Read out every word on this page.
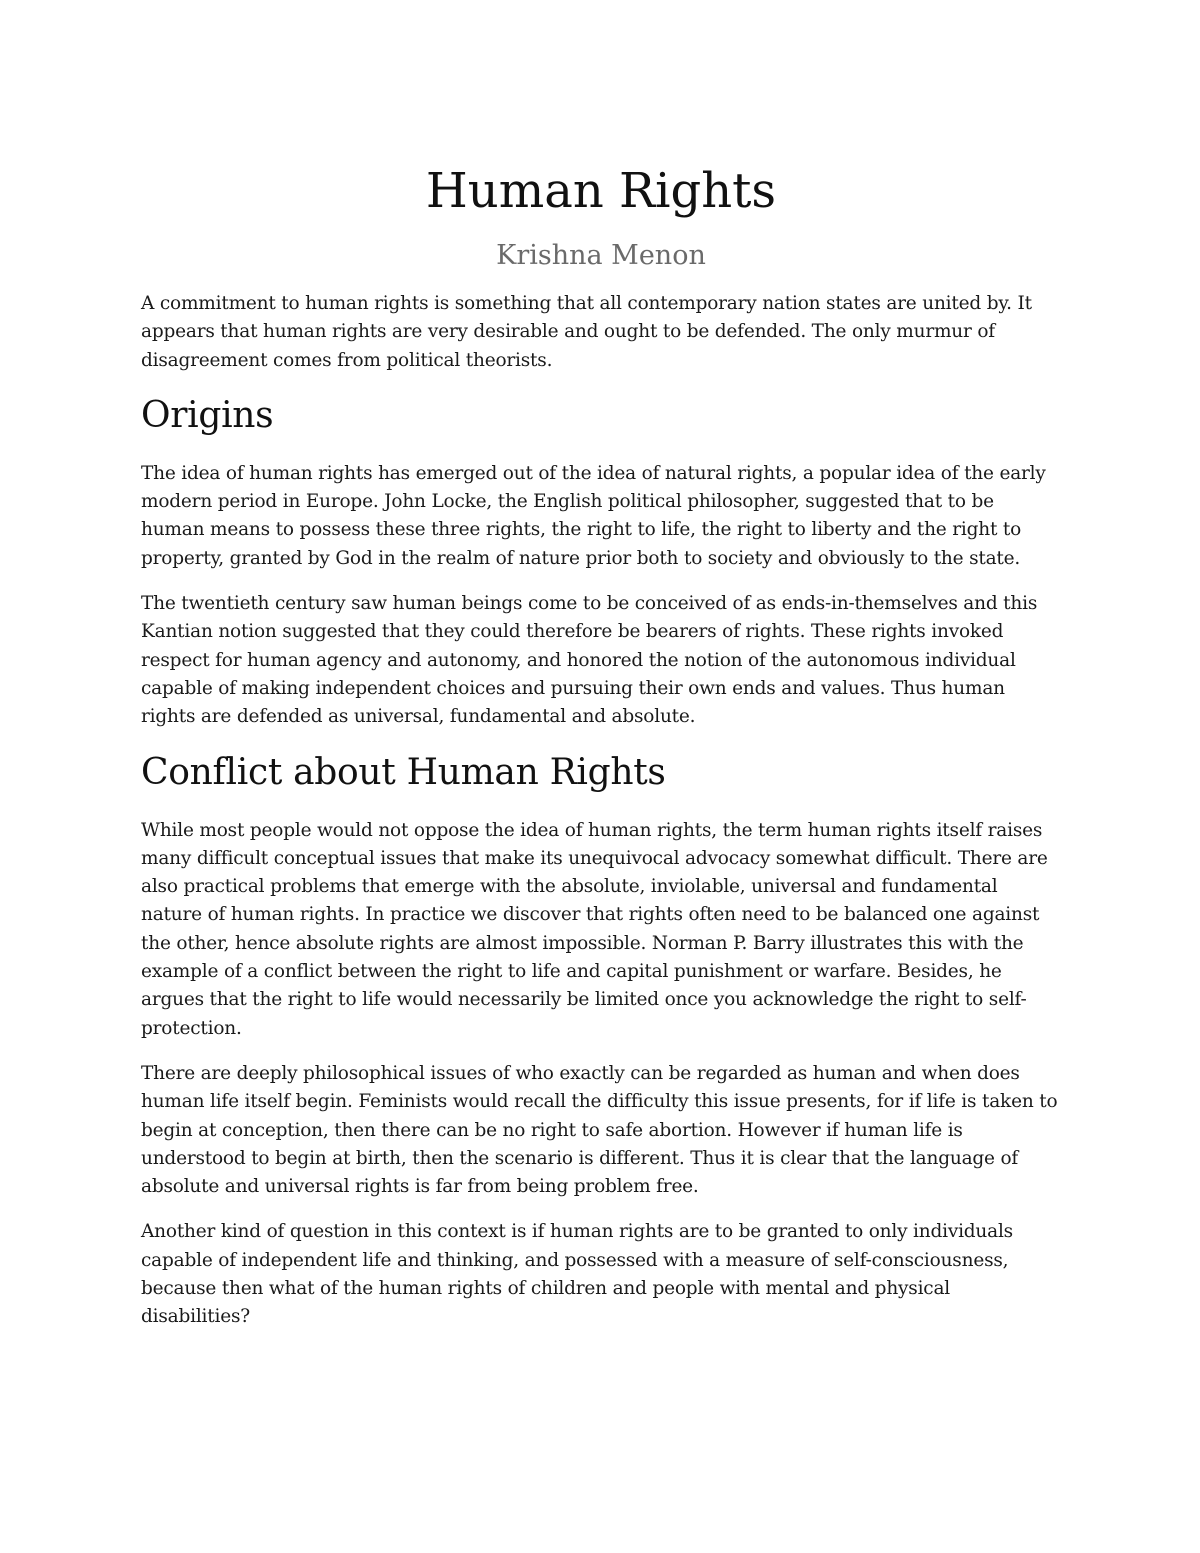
Human Rights
Krishna Menon

A commitment to human rights is something that all contemporary nation states are united by. It appears that human rights are very desirable and ought to be defended. The only murmur of disagreement comes from political theorists.

Origins

The idea of human rights has emerged out of the idea of natural rights, a popular idea of the early modern period in Europe. John Locke, the English political philosopher, suggested that to be human means to possess these three rights, the right to life, the right to liberty and the right to property, granted by God in the realm of nature prior both to society and obviously to the state.

The twentieth century saw human beings come to be conceived of as ends-in-themselves and this Kantian notion suggested that they could therefore be bearers of rights. These rights invoked respect for human agency and autonomy, and honored the notion of the autonomous individual capable of making independent choices and pursuing their own ends and values. Thus human rights are defended as universal, fundamental and absolute.

Conflict about Human Rights

While most people would not oppose the idea of human rights, the term human rights itself raises many difficult conceptual issues that make its unequivocal advocacy somewhat difficult. There are also practical problems that emerge with the absolute, inviolable, universal and fundamental nature of human rights. In practice we discover that rights often need to be balanced one against the other, hence absolute rights are almost impossible. Norman P. Barry illustrates this with the example of a conflict between the right to life and capital punishment or warfare. Besides, he argues that the right to life would necessarily be limited once you acknowledge the right to self-protection.

There are deeply philosophical issues of who exactly can be regarded as human and when does human life itself begin. Feminists would recall the difficulty this issue presents, for if life is taken to begin at conception, then there can be no right to safe abortion. However if human life is understood to begin at birth, then the scenario is different. Thus it is clear that the language of absolute and universal rights is far from being problem free.

Another kind of question in this context is if human rights are to be granted to only individuals capable of independent life and thinking, and possessed with a measure of self-consciousness, because then what of the human rights of children and people with mental and physical disabilities?
